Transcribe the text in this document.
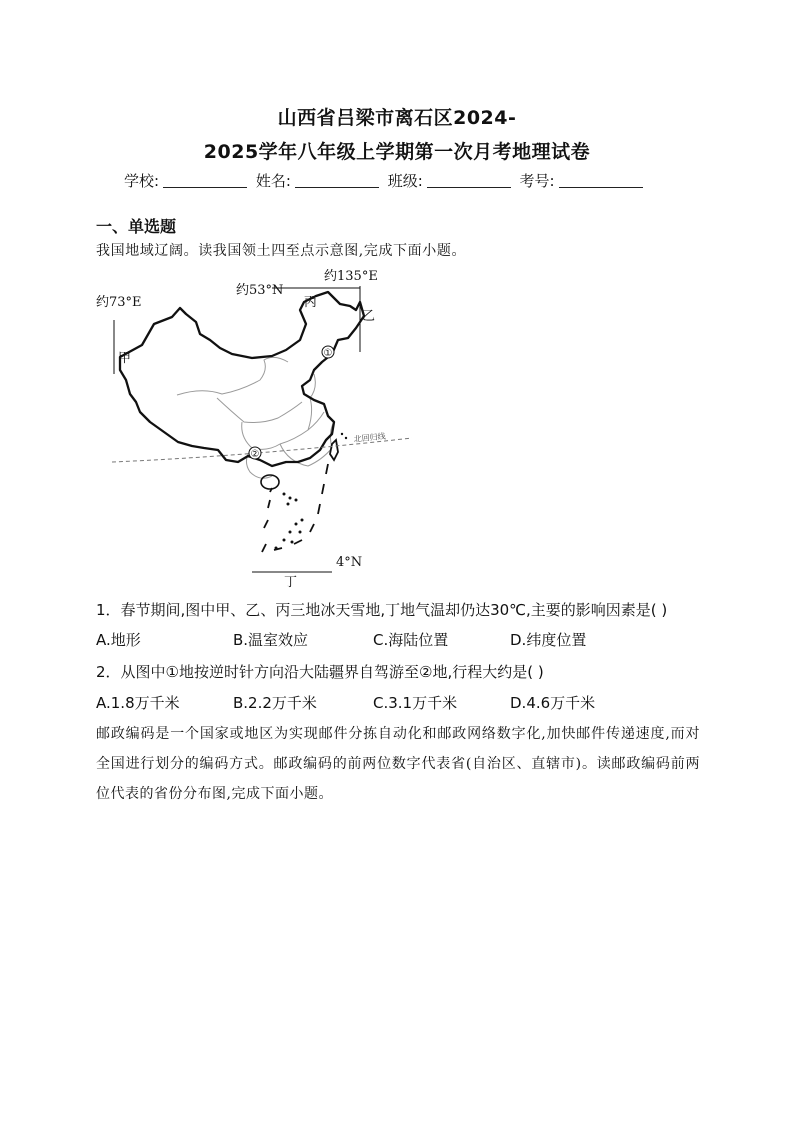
山西省吕梁市离石区2024-
2025学年八年级上学期第一次月考地理试卷
学校:	姓名:	班级:	考号:
一、单选题
我国地域辽阔。读我国领土四至点示意图,完成下面小题。
约53°N
约135°E
约73°E	丙
乙
甲
丁
4°N
①
②
北回归线
1．春节期间,图中甲、乙、丙三地冰天雪地,丁地气温却仍达30℃,主要的影响因素是( )
A.地形	B.温室效应	C.海陆位置	D.纬度位置
2．从图中①地按逆时针方向沿大陆疆界自驾游至②地,行程大约是( )
A.1.8万千米	B.2.2万千米	C.3.1万千米	D.4.6万千米
邮政编码是一个国家或地区为实现邮件分拣自动化和邮政网络数字化,加快邮件传递速度,而对全国进行划分的编码方式。邮政编码的前两位数字代表省(自治区、直辖市)。读邮政编码前两位代表的省份分布图,完成下面小题。
